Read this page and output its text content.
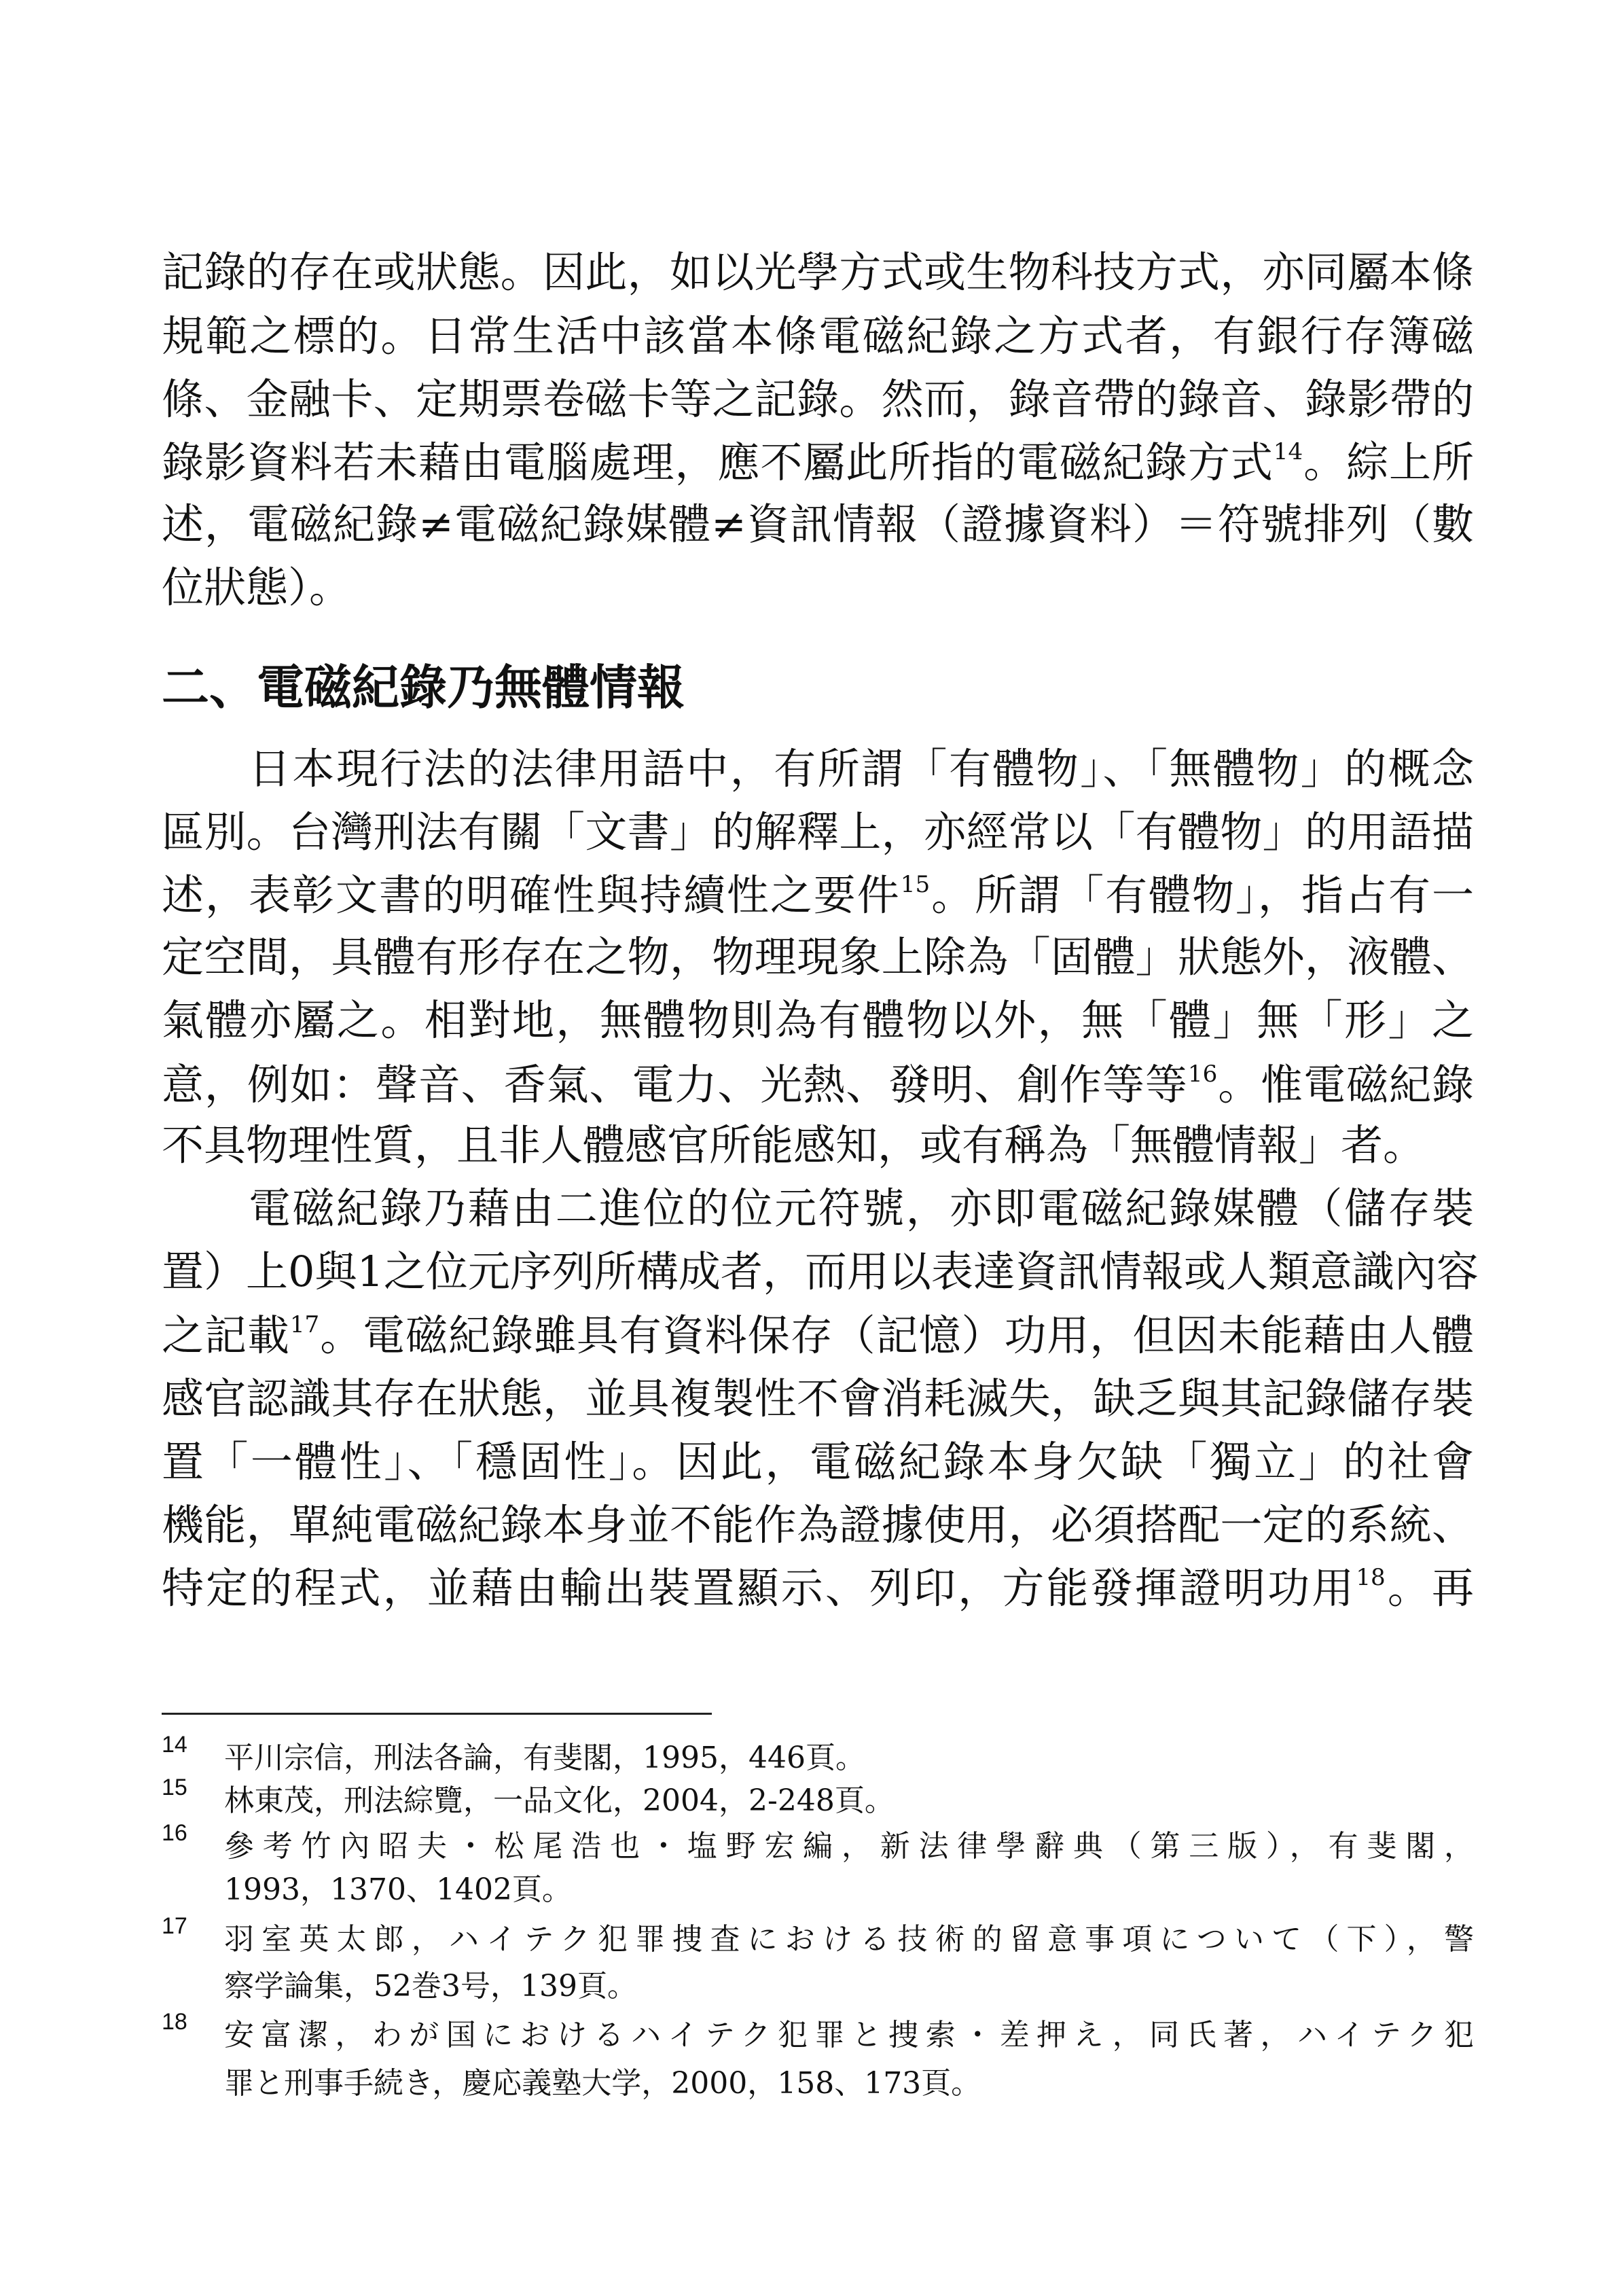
記錄的存在或狀態。因此，如以光學方式或生物科技方式，亦同屬本條
規範之標的。日常生活中該當本條電磁紀錄之方式者，有銀行存簿磁
條、金融卡、定期票卷磁卡等之記錄。然而，錄音帶的錄音、錄影帶的
錄影資料若未藉由電腦處理，應不屬此所指的電磁紀錄方式$^{14}$。綜上所
述，電磁紀錄≠電磁紀錄媒體≠資訊情報（證據資料）＝符號排列（數
位狀態）。
二、電磁紀錄乃無體情報
日本現行法的法律用語中，有所謂「有體物」、「無體物」的概念
區別。台灣刑法有關「文書」的解釋上，亦經常以「有體物」的用語描
述，表彰文書的明確性與持續性之要件$^{15}$。所謂「有體物」，指占有一
定空間，具體有形存在之物，物理現象上除為「固體」狀態外，液體、
氣體亦屬之。相對地，無體物則為有體物以外，無「體」無「形」之
意，例如：聲音、香氣、電力、光熱、發明、創作等等$^{16}$。惟電磁紀錄
不具物理性質，且非人體感官所能感知，或有稱為「無體情報」者。
電磁紀錄乃藉由二進位的位元符號，亦即電磁紀錄媒體（儲存裝
置）上0與1之位元序列所構成者，而用以表達資訊情報或人類意識內容
之記載$^{17}$。電磁紀錄雖具有資料保存（記憶）功用，但因未能藉由人體
感官認識其存在狀態，並具複製性不會消耗滅失，缺乏與其記錄儲存裝
置「一體性」、「穩固性」。因此，電磁紀錄本身欠缺「獨立」的社會
機能，單純電磁紀錄本身並不能作為證據使用，必須搭配一定的系統、
特定的程式，並藉由輸出裝置顯示、列印，方能發揮證明功用$^{18}$。再
14 平川宗信，刑法各論，有斐閣，1995，446頁。
15 林東茂，刑法綜覽，一品文化，2004，2-248頁。
16 參考竹內昭夫・松尾浩也・塩野宏編，新法律學辭典（第三版），有斐閣，
1993，1370、1402頁。
17 羽室英太郎，ハイテク犯罪捜査における技術的留意事項について（下），警
察学論集，52巻3号，139頁。
18 安富潔，わが国におけるハイテク犯罪と捜索・差押え，同氏著，ハイテク犯
罪と刑事手続き，慶応義塾大学，2000，158、173頁。
